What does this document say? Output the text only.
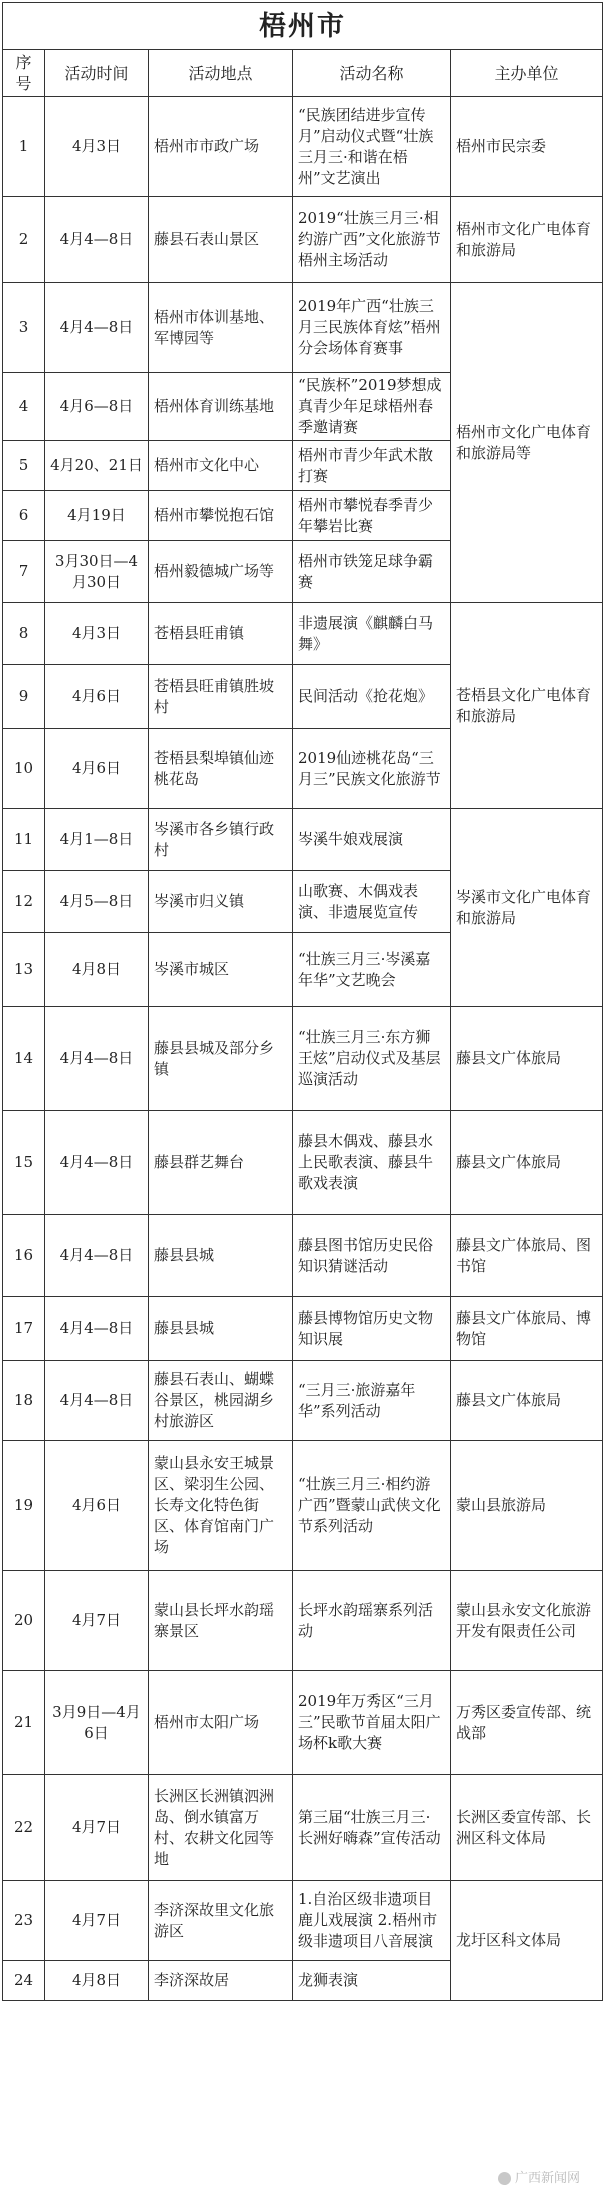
梧州市				
序号	活动时间	活动地点	活动名称	主办单位
1	4月3日	梧州市市政广场	“民族团结进步宣传月”启动仪式暨“壮族三月三·和谐在梧州”文艺演出	梧州市民宗委
2	4月4—8日	藤县石表山景区	2019“壮族三月三·相约游广西”文化旅游节梧州主场活动	梧州市文化广电体育和旅游局
3	4月4—8日	梧州市体训基地、军博园等	2019年广西“壮族三月三民族体育炫”梧州分会场体育赛事	梧州市文化广电体育和旅游局等
4	4月6—8日	梧州体育训练基地	“民族杯”2019梦想成真青少年足球梧州春季邀请赛	
5	4月20、21日	梧州市文化中心	梧州市青少年武术散打赛	
6	4月19日	梧州市攀悦抱石馆	梧州市攀悦春季青少年攀岩比赛	
7	3月30日—4月30日	梧州毅德城广场等	梧州市铁笼足球争霸赛	
8	4月3日	苍梧县旺甫镇	非遗展演《麒麟白马舞》	苍梧县文化广电体育和旅游局
9	4月6日	苍梧县旺甫镇胜坡村	民间活动《抢花炮》	
10	4月6日	苍梧县梨埠镇仙迹桃花岛	2019仙迹桃花岛“三月三”民族文化旅游节	
11	4月1—8日	岑溪市各乡镇行政村	岑溪牛娘戏展演	岑溪市文化广电体育和旅游局
12	4月5—8日	岑溪市归义镇	山歌赛、木偶戏表演、非遗展览宣传	
13	4月8日	岑溪市城区	“壮族三月三·岑溪嘉年华”文艺晚会	
14	4月4—8日	藤县县城及部分乡镇	“壮族三月三·东方狮王炫”启动仪式及基层巡演活动	藤县文广体旅局
15	4月4—8日	藤县群艺舞台	藤县木偶戏、藤县水上民歌表演、藤县牛歌戏表演	藤县文广体旅局
16	4月4—8日	藤县县城	藤县图书馆历史民俗知识猜谜活动	藤县文广体旅局、图书馆
17	4月4—8日	藤县县城	藤县博物馆历史文物知识展	藤县文广体旅局、博物馆
18	4月4—8日	藤县石表山、蝴蝶谷景区，桃园湖乡村旅游区	“三月三·旅游嘉年华”系列活动	藤县文广体旅局
19	4月6日	蒙山县永安王城景区、梁羽生公园、长寿文化特色街区、体育馆南门广场	“壮族三月三·相约游广西”暨蒙山武侠文化节系列活动	蒙山县旅游局
20	4月7日	蒙山县长坪水韵瑶寨景区	长坪水韵瑶寨系列活动	蒙山县永安文化旅游开发有限责任公司
21	3月9日—4月6日	梧州市太阳广场	2019年万秀区“三月三”民歌节首届太阳广场杯k歌大赛	万秀区委宣传部、统战部
22	4月7日	长洲区长洲镇泗洲岛、倒水镇富万村、农耕文化园等地	第三届“壮族三月三·长洲好嗨森”宣传活动	长洲区委宣传部、长洲区科文体局
23	4月7日	李济深故里文化旅游区	1.自治区级非遗项目鹿儿戏展演 2.梧州市级非遗项目八音展演	龙圩区科文体局
24	4月8日	李济深故居	龙狮表演	
广西新闻网
